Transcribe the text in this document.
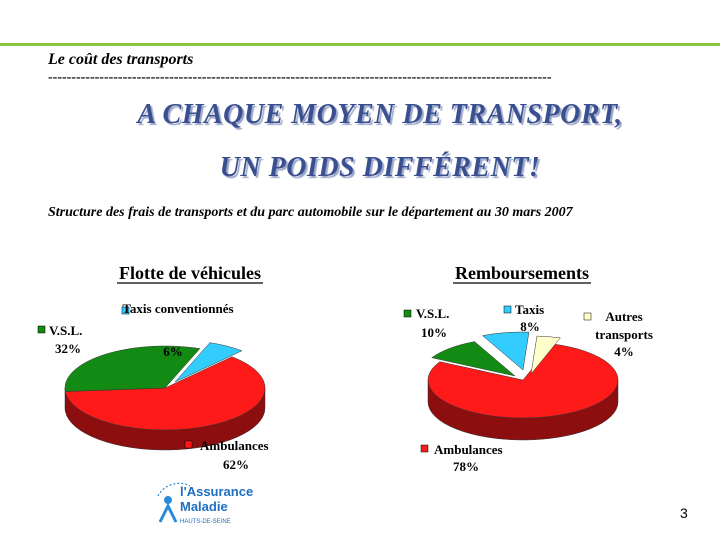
Le coût des transports
------------------------------------------------------------------------------------------------------------
A CHAQUE MOYEN DE TRANSPORT,
UN POIDS DIFFÉRENT!
Structure des frais de transports et du parc automobile sur le département au 30 mars 2007
Flotte de véhicules
Taxis conventionnés
6%
V.S.L.
32%
Ambulances
62%
Remboursements
V.S.L.
10%
Taxis
8%
Autres transports
4%
Ambulances
78%
l'Assurance
Maladie
HAUTS-DE-SEINE
3
